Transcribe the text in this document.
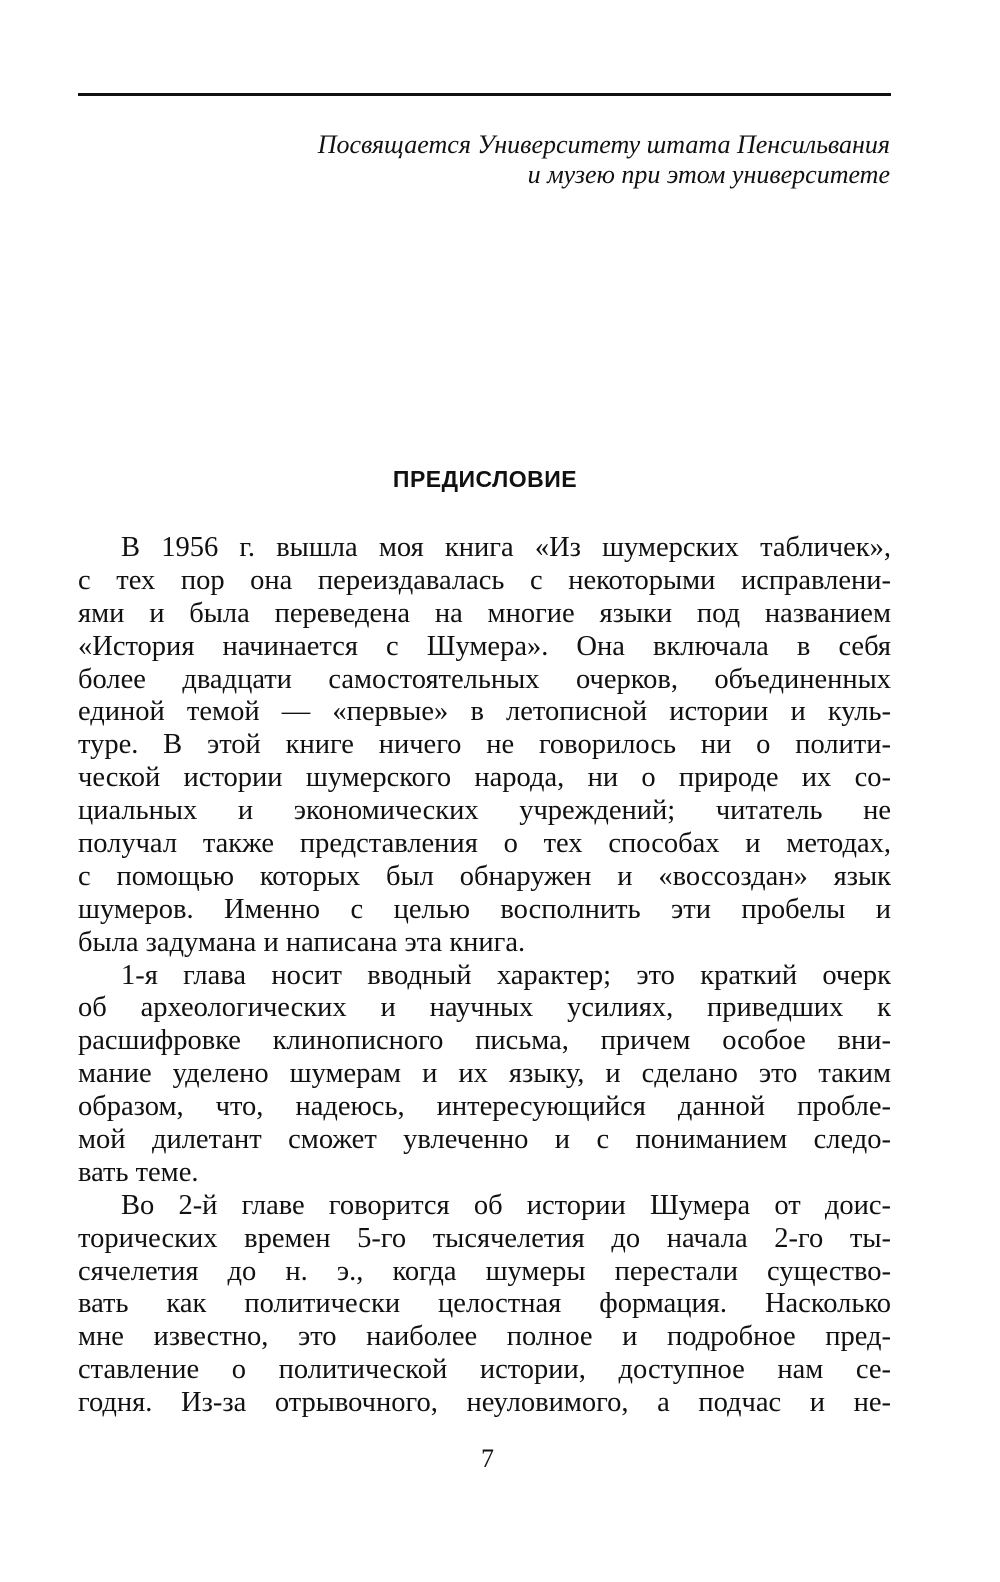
Посвящается Университету штата Пенсильвания
и музею при этом университете
ПРЕДИСЛОВИЕ
В 1956 г. вышла моя книга «Из шумерских табличек»,
с тех пор она переиздавалась с некоторыми исправлени-
ями и была переведена на многие языки под названием
«История начинается с Шумера». Она включала в себя
более двадцати самостоятельных очерков, объединенных
единой темой — «первые» в летописной истории и куль-
туре. В этой книге ничего не говорилось ни о полити-
ческой истории шумерского народа, ни о природе их со-
циальных и экономических учреждений; читатель не
получал также представления о тех способах и методах,
с помощью которых был обнаружен и «воссоздан» язык
шумеров. Именно с целью восполнить эти пробелы и
была задумана и написана эта книга.
1-я глава носит вводный характер; это краткий очерк
об археологических и научных усилиях, приведших к
расшифровке клинописного письма, причем особое вни-
мание уделено шумерам и их языку, и сделано это таким
образом, что, надеюсь, интересующийся данной пробле-
мой дилетант сможет увлеченно и с пониманием следо-
вать теме.
Во 2-й главе говорится об истории Шумера от доис-
торических времен 5-го тысячелетия до начала 2-го ты-
сячелетия до н. э., когда шумеры перестали существо-
вать как политически целостная формация. Насколько
мне известно, это наиболее полное и подробное пред-
ставление о политической истории, доступное нам се-
годня. Из-за отрывочного, неуловимого, а подчас и не-
7
